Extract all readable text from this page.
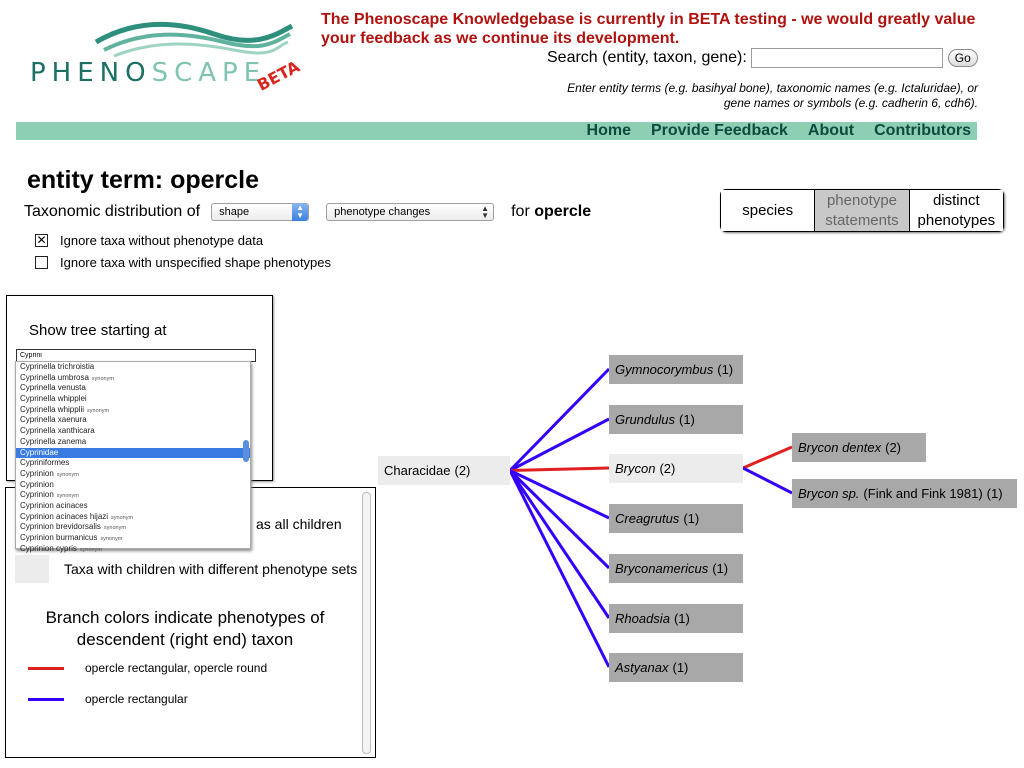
PHENOSCAPE
BETA
The Phenoscape Knowledgebase is currently in BETA testing - we would greatly value your feedback as we continue its development.
Search (entity, taxon, gene):	Go
Enter entity terms (e.g. basihyal bone), taxonomic names (e.g. Ictaluridae), or gene names or symbols (e.g. cadherin 6, cdh6).
Home Provide Feedback About Contributors
entity term: opercle
Taxonomic distribution of shape	▲
▼	phenotype changes	▲
▼ for opercle
✕ Ignore taxa without phenotype data
Ignore taxa with unspecified shape phenotypes
species
phenotype statements
distinct phenotypes
as all children
Taxa with children with different phenotype sets
Branch colors indicate phenotypes of descendent (right end) taxon
opercle rectangular, opercle round
opercle rectangular
Show tree starting at
Cyprini
Cyprinella trichroistia
Cyprinella umbrosa synonym
Cyprinella venusta
Cyprinella whipplei
Cyprinella whipplii synonym
Cyprinella xaenura
Cyprinella xanthicara
Cyprinella zanema
Cyprinidae
Cypriniformes
Cyprinion synonym
Cyprinion
Cyprinion synonym
Cyprinion acinaces
Cyprinion acinaces hijazi synonym
Cyprinion brevidorsalis synonym
Cyprinion burmanicus synonym
Cyprinion cypris synonym
Characidae (2)
Gymnocorymbus (1)
Grundulus (1)
Brycon (2)
Creagrutus (1)
Bryconamericus (1)
Rhoadsia (1)
Astyanax (1)
Brycon dentex (2)
Brycon sp. (Fink and Fink 1981) (1)
